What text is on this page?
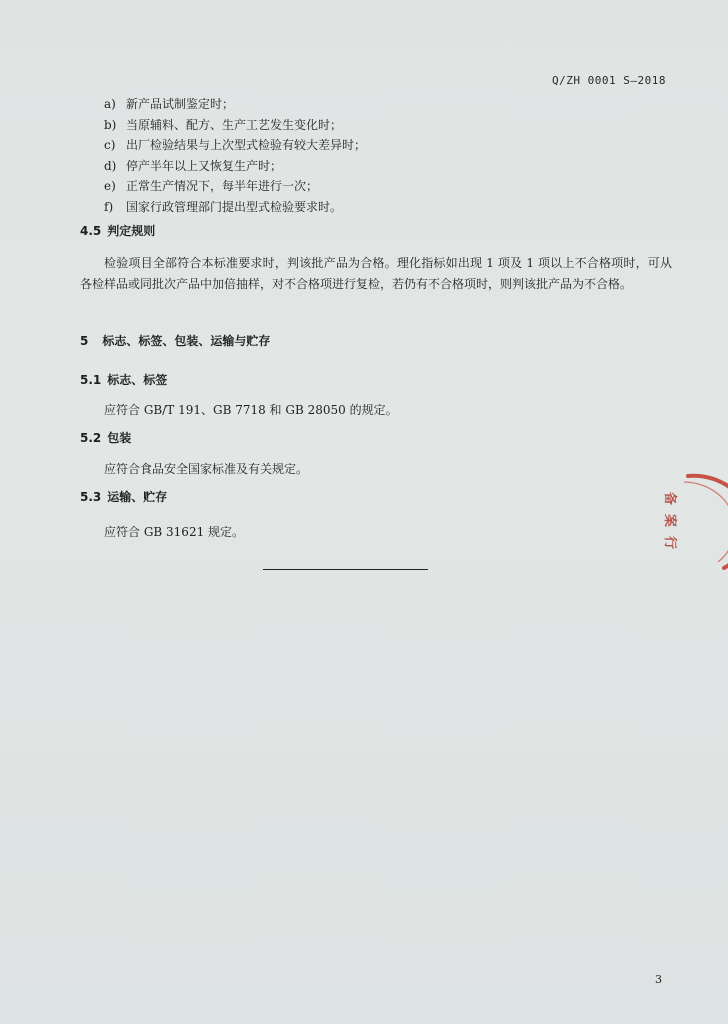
Q/ZH 0001 S—2018
a) 新产品试制鉴定时；
b) 当原辅料、配方、生产工艺发生变化时；
c) 出厂检验结果与上次型式检验有较大差异时；
d) 停产半年以上又恢复生产时；
e) 正常生产情况下，每半年进行一次；
f) 国家行政管理部门提出型式检验要求时。
4.5 判定规则
检验项目全部符合本标准要求时，判该批产品为合格。理化指标如出现 1 项及 1 项以上不合格项时，可从各检样品或同批次产品中加倍抽样，对不合格项进行复检，若仍有不合格项时，则判该批产品为不合格。
5 标志、标签、包装、运输与贮存
5.1 标志、标签
应符合 GB/T 191、GB 7718 和 GB 28050 的规定。
5.2 包装
应符合食品安全国家标准及有关规定。
5.3 运输、贮存
应符合 GB 31621 规定。
备
案
行
3
